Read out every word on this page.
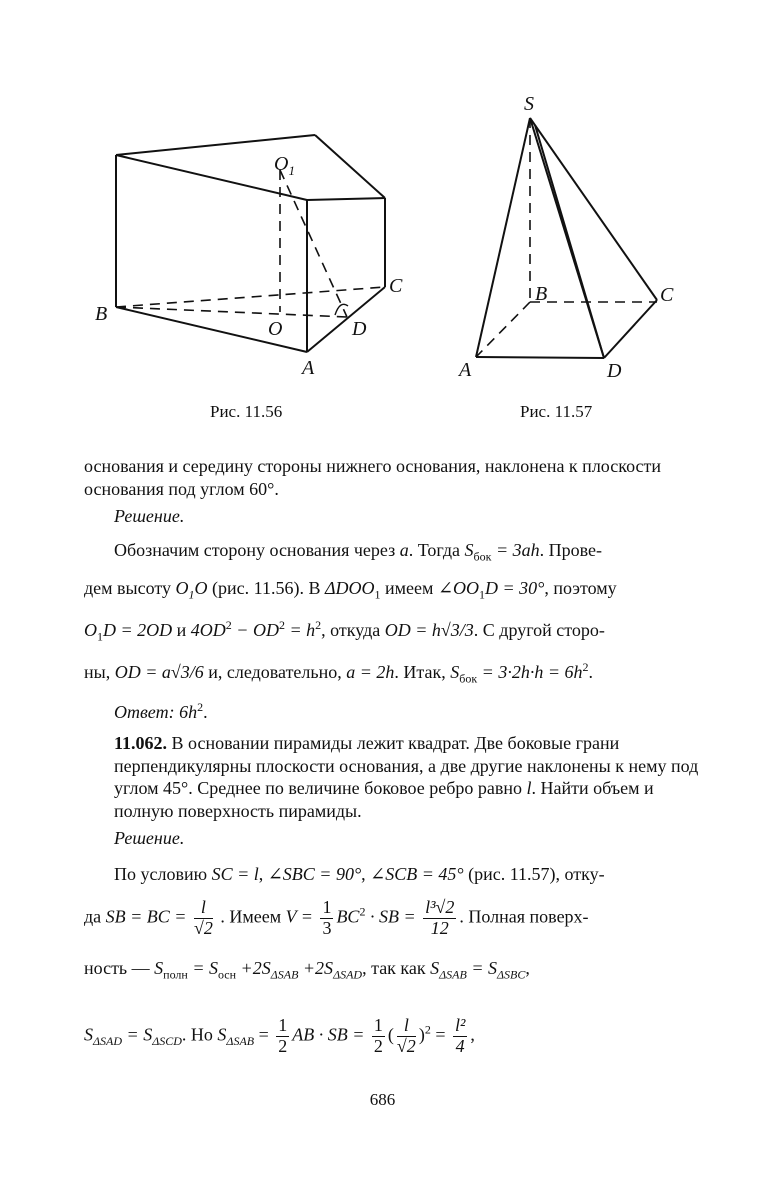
$O_1$
B
C
O	D
A
S
B	C
A	D
Рис. 11.56	Рис. 11.57
основания и середину стороны нижнего основания, наклонена к плоскости основания под углом 60°.
Решение.
Обозначим сторону основания через a. Тогда $S_{бок} = 3ah$. Прове-
дем высоту $O_1O$ (рис. 11.56). В $\Delta DOO_1$ имеем $\angle OO_1D = 30^\circ$, поэтому
$O_1D = 2OD$ и $4OD^2 - OD^2 = h^2$, откуда OD = h√3/3. С другой сторо-
ны, OD = a√3/6 и, следовательно, a = 2h. Итак, $S_{бок} = 3\cdot 2h\cdot h = 6h^2$.
Ответ: $6h^2$.
11.062. В основании пирамиды лежит квадрат. Две боковые грани перпендикулярны плоскости основания, а две другие наклонены к нему под углом 45°. Среднее по величине боковое ребро равно l. Найти объем и полную поверхность пирамиды.
Решение.
По условию SC = l, ∠SBC = 90°, ∠SCB = 45° (рис. 11.57), отку-
да SB = BC = $\frac{l}{√2}$ . Имеем $V = \frac{1}{3} BC^2$ · SB = $\frac{\text{l³√2}}{12}$ . Полная поверх-
ность — $S_{полн} = S_{осн} +2S_{\Delta SAB} +2S_{\Delta SAD}$, так как $S_{\Delta SAB} = S_{\Delta SBC}$,
$S_{\Delta SAD} = S_{\Delta SCD}$. Но $S_{\Delta SAB} = \frac{1}{2}$ AB · SB = $\frac{1}{2}$ ( $\frac{l}{√2} )^2 = \frac{\text{l²}}{4}$ ,
686
